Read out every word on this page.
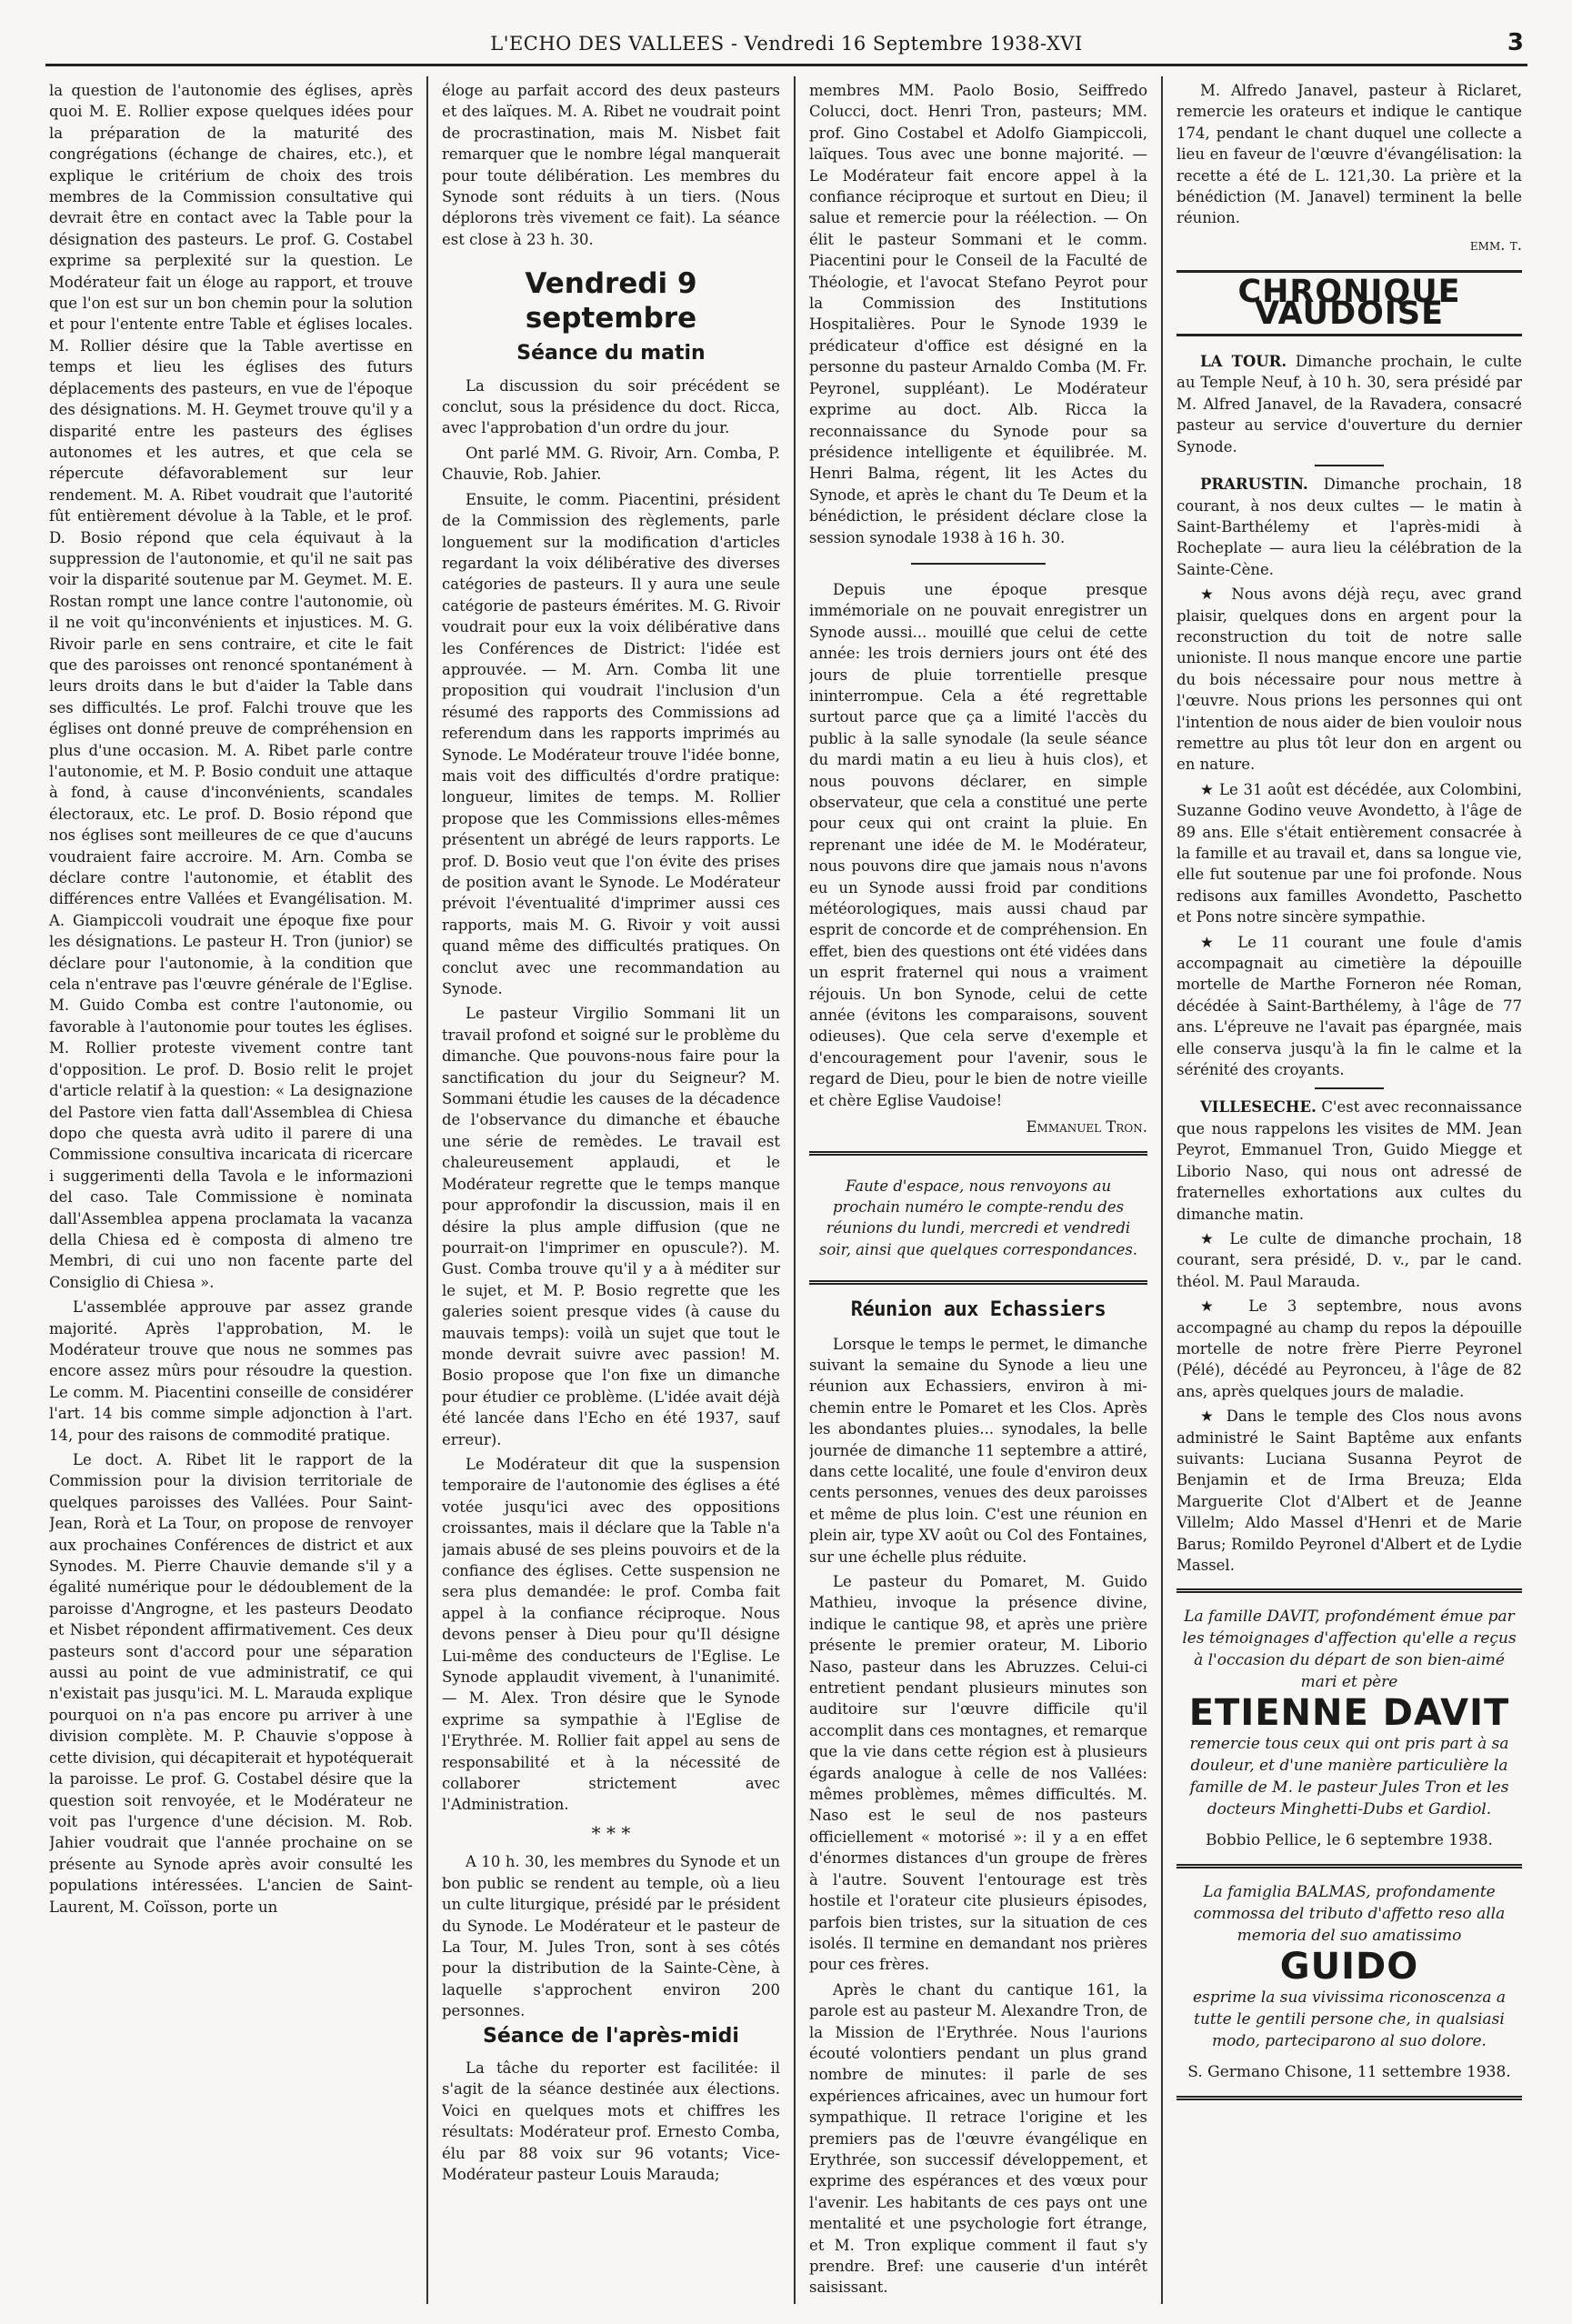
L'ECHO DES VALLEES - Vendredi 16 Septembre 1938-XVI	3

la question de l'autonomie des églises, après quoi M. E. Rollier expose quelques idées pour la préparation de la maturité des congrégations (échange de chaires, etc.), et explique le critérium de choix des trois membres de la Commission consultative qui devrait être en contact avec la Table pour la désignation des pasteurs. Le prof. G. Costabel exprime sa perplexité sur la question. Le Modérateur fait un éloge au rapport, et trouve que l'on est sur un bon chemin pour la solution et pour l'entente entre Table et églises locales. M. Rollier désire que la Table avertisse en temps et lieu les églises des futurs déplacements des pasteurs, en vue de l'époque des désignations. M. H. Geymet trouve qu'il y a disparité entre les pasteurs des églises autonomes et les autres, et que cela se répercute défavorablement sur leur rendement. M. A. Ribet voudrait que l'autorité fût entièrement dévolue à la Table, et le prof. D. Bosio répond que cela équivaut à la suppression de l'autonomie, et qu'il ne sait pas voir la disparité soutenue par M. Geymet. M. E. Rostan rompt une lance contre l'autonomie, où il ne voit qu'inconvénients et injustices. M. G. Rivoir parle en sens contraire, et cite le fait que des paroisses ont renoncé spontanément à leurs droits dans le but d'aider la Table dans ses difficultés. Le prof. Falchi trouve que les églises ont donné preuve de compréhension en plus d'une occasion. M. A. Ribet parle contre l'autonomie, et M. P. Bosio conduit une attaque à fond, à cause d'inconvénients, scandales électoraux, etc. Le prof. D. Bosio répond que nos églises sont meilleures de ce que d'aucuns voudraient faire accroire. M. Arn. Comba se déclare contre l'autonomie, et établit des différences entre Vallées et Evangélisation. M. A. Giampiccoli voudrait une époque fixe pour les désignations. Le pasteur H. Tron (junior) se déclare pour l'autonomie, à la condition que cela n'entrave pas l'œuvre générale de l'Eglise. M. Guido Comba est contre l'autonomie, ou favorable à l'autonomie pour toutes les églises. M. Rollier proteste vivement contre tant d'opposition. Le prof. D. Bosio relit le projet d'article relatif à la question: « La designazione del Pastore vien fatta dall'Assemblea di Chiesa dopo che questa avrà udito il parere di una Commissione consultiva incaricata di ricercare i suggerimenti della Tavola e le informazioni del caso. Tale Commissione è nominata dall'Assemblea appena proclamata la vacanza della Chiesa ed è composta di almeno tre Membri, di cui uno non facente parte del Consiglio di Chiesa ».

L'assemblée approuve par assez grande majorité. Après l'approbation, M. le Modérateur trouve que nous ne sommes pas encore assez mûrs pour résoudre la question. Le comm. M. Piacentini conseille de considérer l'art. 14 bis comme simple adjonction à l'art. 14, pour des raisons de commodité pratique.

Le doct. A. Ribet lit le rapport de la Commission pour la division territoriale de quelques paroisses des Vallées. Pour Saint-Jean, Rorà et La Tour, on propose de renvoyer aux prochaines Conférences de district et aux Synodes. M. Pierre Chauvie demande s'il y a égalité numérique pour le dédoublement de la paroisse d'Angrogne, et les pasteurs Deodato et Nisbet répondent affirmativement. Ces deux pasteurs sont d'accord pour une séparation aussi au point de vue administratif, ce qui n'existait pas jusqu'ici. M. L. Marauda explique pourquoi on n'a pas encore pu arriver à une division complète. M. P. Chauvie s'oppose à cette division, qui décapiterait et hypotéquerait la paroisse. Le prof. G. Costabel désire que la question soit renvoyée, et le Modérateur ne voit pas l'urgence d'une décision. M. Rob. Jahier voudrait que l'année prochaine on se présente au Synode après avoir consulté les populations intéressées. L'ancien de Saint-Laurent, M. Coïsson, porte un

éloge au parfait accord des deux pasteurs et des laïques. M. A. Ribet ne voudrait point de procrastination, mais M. Nisbet fait remarquer que le nombre légal manquerait pour toute délibération. Les membres du Synode sont réduits à un tiers. (Nous déplorons très vivement ce fait). La séance est close à 23 h. 30.

Vendredi 9 septembre
Séance du matin

La discussion du soir précédent se conclut, sous la présidence du doct. Ricca, avec l'approbation d'un ordre du jour.

Ont parlé MM. G. Rivoir, Arn. Comba, P. Chauvie, Rob. Jahier.

Ensuite, le comm. Piacentini, président de la Commission des règlements, parle longuement sur la modification d'articles regardant la voix délibérative des diverses catégories de pasteurs. Il y aura une seule catégorie de pasteurs émérites. M. G. Rivoir voudrait pour eux la voix délibérative dans les Conférences de District: l'idée est approuvée. — M. Arn. Comba lit une proposition qui voudrait l'inclusion d'un résumé des rapports des Commissions ad referendum dans les rapports imprimés au Synode. Le Modérateur trouve l'idée bonne, mais voit des difficultés d'ordre pratique: longueur, limites de temps. M. Rollier propose que les Commissions elles-mêmes présentent un abrégé de leurs rapports. Le prof. D. Bosio veut que l'on évite des prises de position avant le Synode. Le Modérateur prévoit l'éventualité d'imprimer aussi ces rapports, mais M. G. Rivoir y voit aussi quand même des difficultés pratiques. On conclut avec une recommandation au Synode.

Le pasteur Virgilio Sommani lit un travail profond et soigné sur le problème du dimanche. Que pouvons-nous faire pour la sanctification du jour du Seigneur? M. Sommani étudie les causes de la décadence de l'observance du dimanche et ébauche une série de remèdes. Le travail est chaleureusement applaudi, et le Modérateur regrette que le temps manque pour approfondir la discussion, mais il en désire la plus ample diffusion (que ne pourrait-on l'imprimer en opuscule?). M. Gust. Comba trouve qu'il y a à méditer sur le sujet, et M. P. Bosio regrette que les galeries soient presque vides (à cause du mauvais temps): voilà un sujet que tout le monde devrait suivre avec passion! M. Bosio propose que l'on fixe un dimanche pour étudier ce problème. (L'idée avait déjà été lancée dans l'Echo en été 1937, sauf erreur).

Le Modérateur dit que la suspension temporaire de l'autonomie des églises a été votée jusqu'ici avec des oppositions croissantes, mais il déclare que la Table n'a jamais abusé de ses pleins pouvoirs et de la confiance des églises. Cette suspension ne sera plus demandée: le prof. Comba fait appel à la confiance réciproque. Nous devons penser à Dieu pour qu'Il désigne Lui-même des conducteurs de l'Eglise. Le Synode applaudit vivement, à l'unanimité. — M. Alex. Tron désire que le Synode exprime sa sympathie à l'Eglise de l'Erythrée. M. Rollier fait appel au sens de responsabilité et à la nécessité de collaborer strictement avec l'Administration.

* * *

A 10 h. 30, les membres du Synode et un bon public se rendent au temple, où a lieu un culte liturgique, présidé par le président du Synode. Le Modérateur et le pasteur de La Tour, M. Jules Tron, sont à ses côtés pour la distribution de la Sainte-Cène, à laquelle s'approchent environ 200 personnes.

Séance de l'après-midi

La tâche du reporter est facilitée: il s'agit de la séance destinée aux élections. Voici en quelques mots et chiffres les résultats: Modérateur prof. Ernesto Comba, élu par 88 voix sur 96 votants; Vice-Modérateur pasteur Louis Marauda;

membres MM. Paolo Bosio, Seiffredo Colucci, doct. Henri Tron, pasteurs; MM. prof. Gino Costabel et Adolfo Giampiccoli, laïques. Tous avec une bonne majorité. — Le Modérateur fait encore appel à la confiance réciproque et surtout en Dieu; il salue et remercie pour la réélection. — On élit le pasteur Sommani et le comm. Piacentini pour le Conseil de la Faculté de Théologie, et l'avocat Stefano Peyrot pour la Commission des Institutions Hospitalières. Pour le Synode 1939 le prédicateur d'office est désigné en la personne du pasteur Arnaldo Comba (M. Fr. Peyronel, suppléant). Le Modérateur exprime au doct. Alb. Ricca la reconnaissance du Synode pour sa présidence intelligente et équilibrée. M. Henri Balma, régent, lit les Actes du Synode, et après le chant du Te Deum et la bénédiction, le président déclare close la session synodale 1938 à 16 h. 30.

Depuis une époque presque immémoriale on ne pouvait enregistrer un Synode aussi... mouillé que celui de cette année: les trois derniers jours ont été des jours de pluie torrentielle presque ininterrompue. Cela a été regrettable surtout parce que ça a limité l'accès du public à la salle synodale (la seule séance du mardi matin a eu lieu à huis clos), et nous pouvons déclarer, en simple observateur, que cela a constitué une perte pour ceux qui ont craint la pluie. En reprenant une idée de M. le Modérateur, nous pouvons dire que jamais nous n'avons eu un Synode aussi froid par conditions météorologiques, mais aussi chaud par esprit de concorde et de compréhension. En effet, bien des questions ont été vidées dans un esprit fraternel qui nous a vraiment réjouis. Un bon Synode, celui de cette année (évitons les comparaisons, souvent odieuses). Que cela serve d'exemple et d'encouragement pour l'avenir, sous le regard de Dieu, pour le bien de notre vieille et chère Eglise Vaudoise!

Emmanuel Tron.
Faute d'espace, nous renvoyons au prochain numéro le compte-rendu des réunions du lundi, mercredi et vendredi soir, ainsi que quelques correspondances.
Réunion aux Echassiers

Lorsque le temps le permet, le dimanche suivant la semaine du Synode a lieu une réunion aux Echassiers, environ à mi-chemin entre le Pomaret et les Clos. Après les abondantes pluies... synodales, la belle journée de dimanche 11 septembre a attiré, dans cette localité, une foule d'environ deux cents personnes, venues des deux paroisses et même de plus loin. C'est une réunion en plein air, type XV août ou Col des Fontaines, sur une échelle plus réduite.

Le pasteur du Pomaret, M. Guido Mathieu, invoque la présence divine, indique le cantique 98, et après une prière présente le premier orateur, M. Liborio Naso, pasteur dans les Abruzzes. Celui-ci entretient pendant plusieurs minutes son auditoire sur l'œuvre difficile qu'il accomplit dans ces montagnes, et remarque que la vie dans cette région est à plusieurs égards analogue à celle de nos Vallées: mêmes problèmes, mêmes difficultés. M. Naso est le seul de nos pasteurs officiellement « motorisé »: il y a en effet d'énormes distances d'un groupe de frères à l'autre. Souvent l'entourage est très hostile et l'orateur cite plusieurs épisodes, parfois bien tristes, sur la situation de ces isolés. Il termine en demandant nos prières pour ces frères.

Après le chant du cantique 161, la parole est au pasteur M. Alexandre Tron, de la Mission de l'Erythrée. Nous l'aurions écouté volontiers pendant un plus grand nombre de minutes: il parle de ses expériences africaines, avec un humour fort sympathique. Il retrace l'origine et les premiers pas de l'œuvre évangélique en Erythrée, son successif développement, et exprime des espérances et des vœux pour l'avenir. Les habitants de ces pays ont une mentalité et une psychologie fort étrange, et M. Tron explique comment il faut s'y prendre. Bref: une causerie d'un intérêt saisissant.

M. Alfredo Janavel, pasteur à Riclaret, remercie les orateurs et indique le cantique 174, pendant le chant duquel une collecte a lieu en faveur de l'œuvre d'évangélisation: la recette a été de L. 121,30. La prière et la bénédiction (M. Janavel) terminent la belle réunion.

emm. t.
CHRONIQUE VAUDOISE

LA TOUR. Dimanche prochain, le culte au Temple Neuf, à 10 h. 30, sera présidé par M. Alfred Janavel, de la Ravadera, consacré pasteur au service d'ouverture du dernier Synode.

PRARUSTIN. Dimanche prochain, 18 courant, à nos deux cultes — le matin à Saint-Barthélemy et l'après-midi à Rocheplate — aura lieu la célébration de la Sainte-Cène.

★ Nous avons déjà reçu, avec grand plaisir, quelques dons en argent pour la reconstruction du toit de notre salle unioniste. Il nous manque encore une partie du bois nécessaire pour nous mettre à l'œuvre. Nous prions les personnes qui ont l'intention de nous aider de bien vouloir nous remettre au plus tôt leur don en argent ou en nature.

★ Le 31 août est décédée, aux Colombini, Suzanne Godino veuve Avondetto, à l'âge de 89 ans. Elle s'était entièrement consacrée à la famille et au travail et, dans sa longue vie, elle fut soutenue par une foi profonde. Nous redisons aux familles Avondetto, Paschetto et Pons notre sincère sympathie.

★ Le 11 courant une foule d'amis accompagnait au cimetière la dépouille mortelle de Marthe Forneron née Roman, décédée à Saint-Barthélemy, à l'âge de 77 ans. L'épreuve ne l'avait pas épargnée, mais elle conserva jusqu'à la fin le calme et la sérénité des croyants.

VILLESECHE. C'est avec reconnaissance que nous rappelons les visites de MM. Jean Peyrot, Emmanuel Tron, Guido Miegge et Liborio Naso, qui nous ont adressé de fraternelles exhortations aux cultes du dimanche matin.

★ Le culte de dimanche prochain, 18 courant, sera présidé, D. v., par le cand. théol. M. Paul Marauda.

★ Le 3 septembre, nous avons accompagné au champ du repos la dépouille mortelle de notre frère Pierre Peyronel (Pélé), décédé au Peyronceu, à l'âge de 82 ans, après quelques jours de maladie.

★ Dans le temple des Clos nous avons administré le Saint Baptême aux enfants suivants: Luciana Susanna Peyrot de Benjamin et de Irma Breuza; Elda Marguerite Clot d'Albert et de Jeanne Villelm; Aldo Massel d'Henri et de Marie Barus; Romildo Peyronel d'Albert et de Lydie Massel.

La famille DAVIT, profondément émue par les témoignages d'affection qu'elle a reçus à l'occasion du départ de son bien-aimé mari et père
ETIENNE DAVIT
remercie tous ceux qui ont pris part à sa douleur, et d'une manière particulière la famille de M. le pasteur Jules Tron et les docteurs Minghetti-Dubs et Gardiol.
Bobbio Pellice, le 6 septembre 1938.
La famiglia BALMAS, profondamente commossa del tributo d'affetto reso alla memoria del suo amatissimo
GUIDO
esprime la sua vivissima riconoscenza a tutte le gentili persone che, in qualsiasi modo, parteciparono al suo dolore.
S. Germano Chisone, 11 settembre 1938.
